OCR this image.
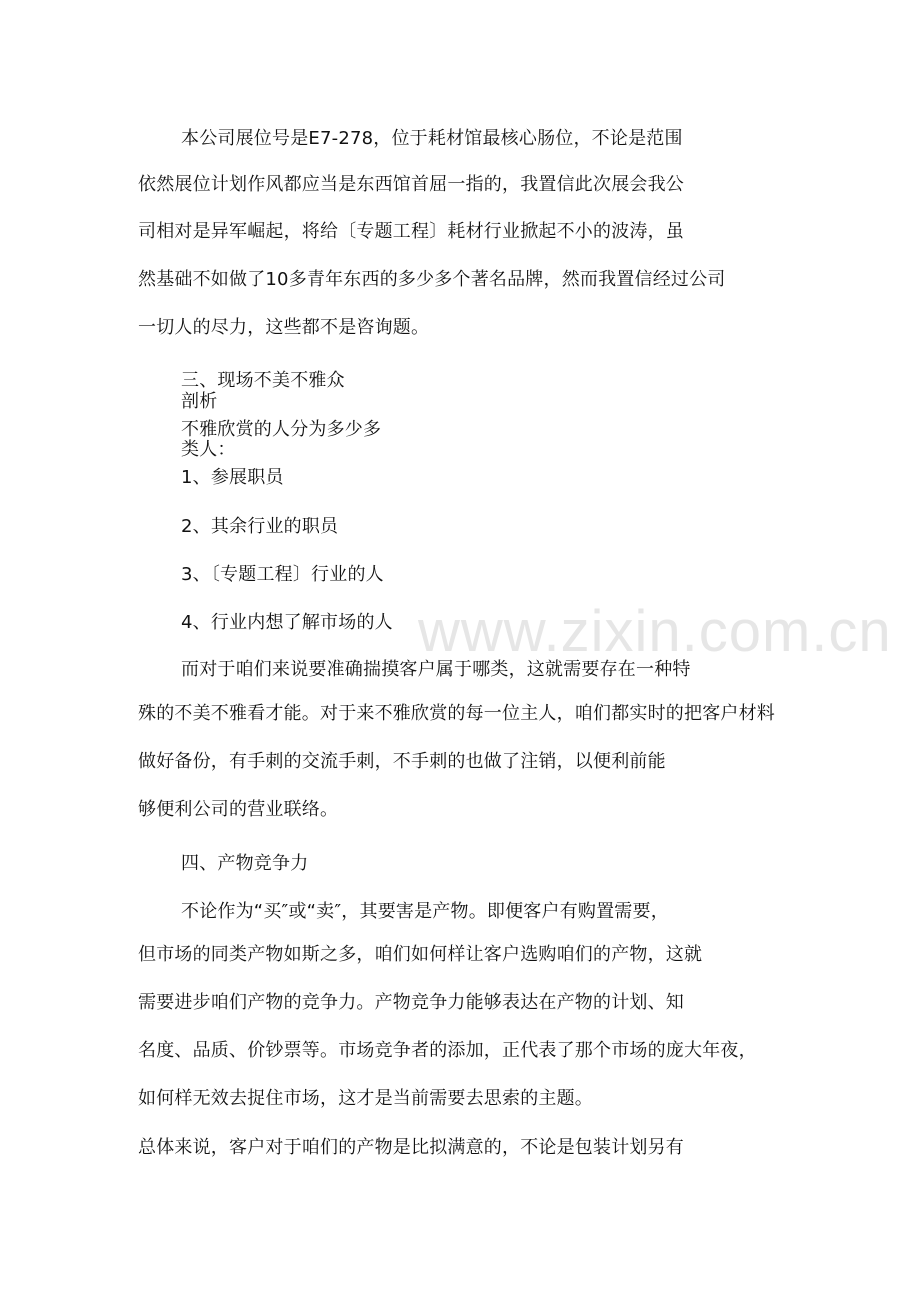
www.zixin.com.cn
本公司展位号是E7-278，位于耗材馆最核心肠位，不论是范围
依然展位计划作风都应当是东西馆首屈一指的，我置信此次展会我公
司相对是异军崛起，将给〔专题工程〕耗材行业掀起不小的波涛，虽
然基础不如做了10多青年东西的多少多个著名品牌，然而我置信经过公司
一切人的尽力，这些都不是咨询题。
三、现场不美不雅众
剖析
不雅欣赏的人分为多少多
类人：
1、参展职员
2、其余行业的职员
3、〔专题工程〕行业的人
4、行业内想了解市场的人
而对于咱们来说要准确揣摸客户属于哪类，这就需要存在一种特
殊的不美不雅看才能。对于来不雅欣赏的每一位主人，咱们都实时的把客户材料
做好备份，有手刺的交流手刺，不手刺的也做了注销，以便利前能
够便利公司的营业联络。
四、产物竞争力
不论作为“买″或“卖″，其要害是产物。即便客户有购置需要，
但市场的同类产物如斯之多，咱们如何样让客户选购咱们的产物，这就
需要进步咱们产物的竞争力。产物竞争力能够表达在产物的计划、知
名度、品质、价钞票等。市场竞争者的添加，正代表了那个市场的庞大年夜，
如何样无效去捉住市场，这才是当前需要去思索的主题。
总体来说，客户对于咱们的产物是比拟满意的，不论是包装计划另有
